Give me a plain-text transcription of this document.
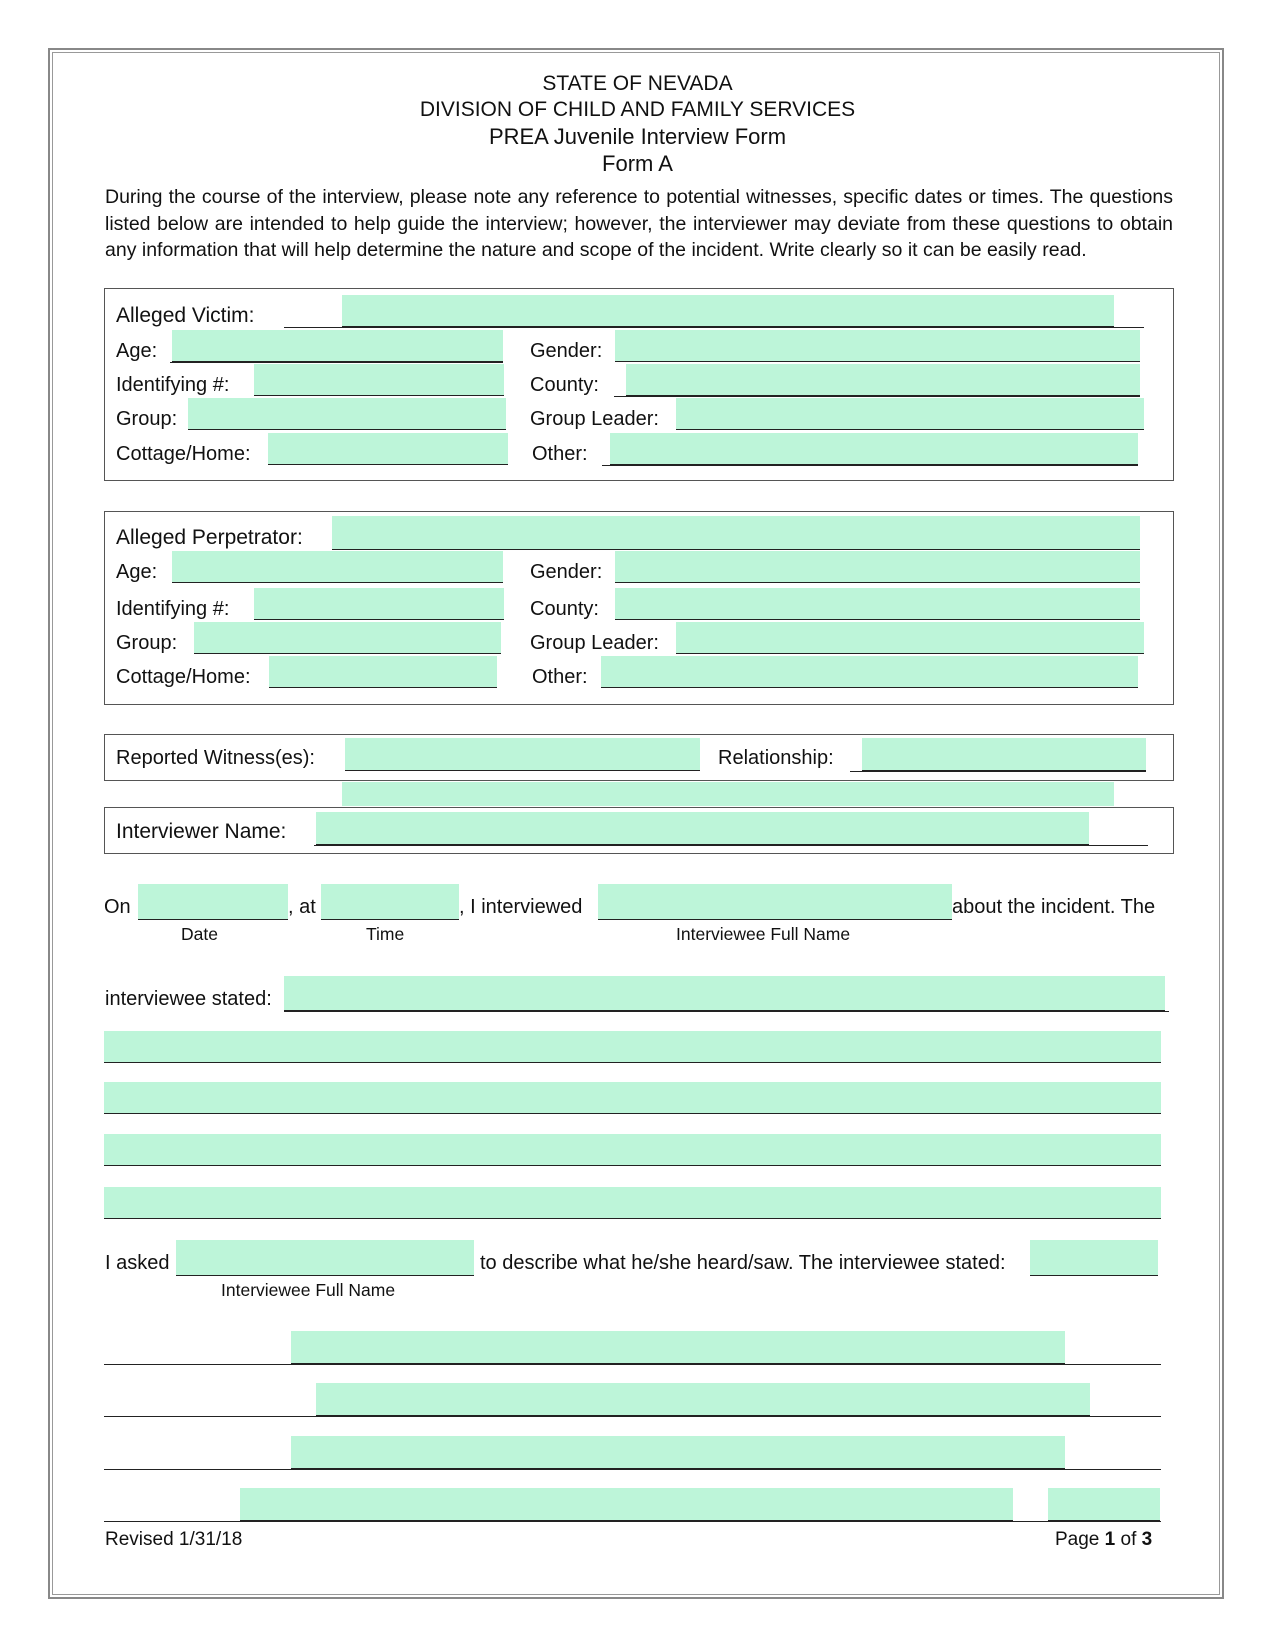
STATE OF NEVADA
DIVISION OF CHILD AND FAMILY SERVICES
PREA Juvenile Interview Form
Form A
During the course of the interview, please note any reference to potential witnesses, specific dates or times. The questions listed below are intended to help guide the interview; however, the interviewer may deviate from these questions to obtain any information that will help determine the nature and scope of the incident. Write clearly so it can be easily read.
Alleged Victim:
Age:	Gender:
Identifying #:	County:
Group:	Group Leader:
Cottage/Home:	Other:
Alleged Perpetrator:
Age:	Gender:
Identifying #:	County:
Group:	Group Leader:
Cottage/Home:	Other:
Reported Witness(es):	Relationship:
Interviewer Name:
On	, at	, I interviewed	about the incident. The
Date	Time	Interviewee Full Name
interviewee stated:
I asked	to describe what he/she heard/saw. The interviewee stated:
Interviewee Full Name
Revised 1/31/18	Page 1 of 3
